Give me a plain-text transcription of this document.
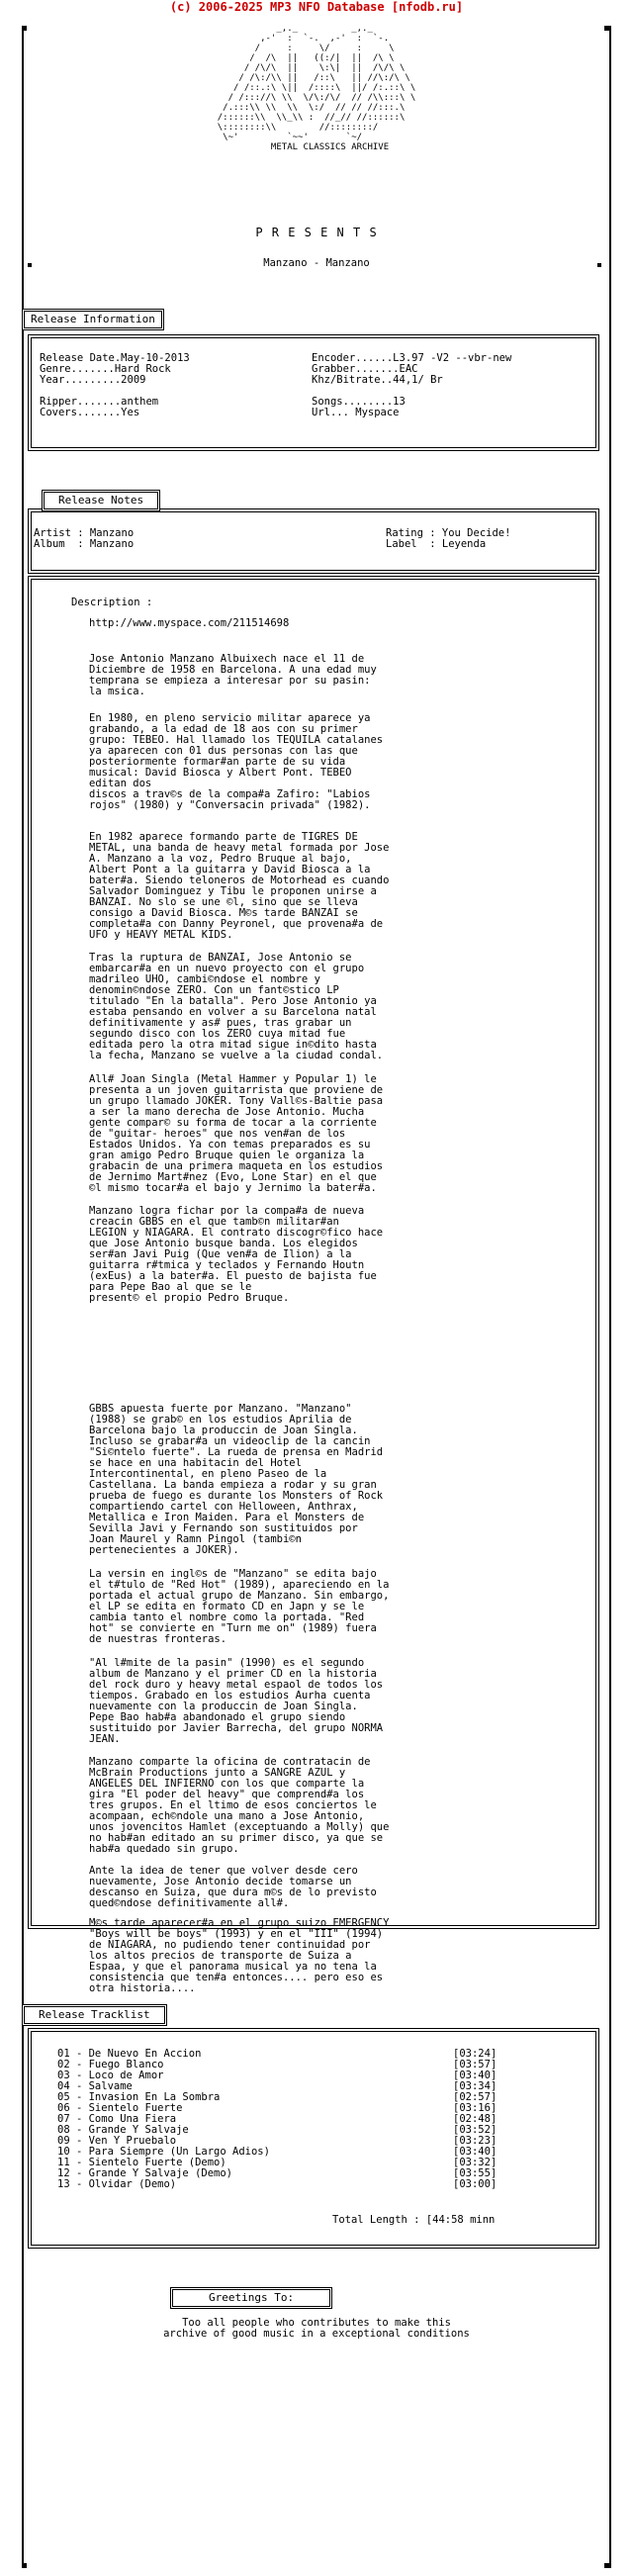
(c) 2006-2025 MP3 NFO Database [nfodb.ru]
_,._          _,._
,-'  :  `-.  ,-'  :  `-.
/     :     \/     :     \
/  /\  ||   ((:/|  ||  /\ \
/ /\/\  ||    \:\|  ||  /\/\ \
/ /\:/\\ ||   /::\   || //\:/\ \
/ /::.:\ \||  /::::\  ||/ /:.::\ \
/ /::://\ \\  \/\:/\/  // /\\:::\ \
/.:::\\ \\  \\  \:/  // // //:::.\
/::::::\\  \\_\\ :  //_// //::::::\
\::::::::\\        //::::::::/
\~'         `~~'       `~/
METAL CLASSICS ARCHIVE
P R E S E N T S
Manzano - Manzano
Release Information
Release Date.May-10-2013	Encoder......L3.97 -V2 --vbr-new
Genre.......Hard Rock	Grabber.......EAC
Year.........2009	Khz/Bitrate..44,1/ Br
Ripper.......anthem	Songs........13
Covers.......Yes	Url... Myspace
Release Notes
Artist : Manzano	Rating : You Decide!
Album  : Manzano	Label  : Leyenda
Description :
http://www.myspace.com/211514698
Jose Antonio Manzano Albuixech nace el 11 de
Diciembre de 1958 en Barcelona. A una edad muy
temprana se empieza a interesar por su pasin:
la msica.
En 1980, en pleno servicio militar aparece ya
grabando, a la edad de 18 aos con su primer
grupo: TEBEO. Hal llamado los TEQUILA catalanes
ya aparecen con 01 dus personas con las que
posteriormente formar#an parte de su vida
musical: David Biosca y Albert Pont. TEBEO
editan dos
discos a trav©s de la compa#a Zafiro: "Labios
rojos" (1980) y "Conversacin privada" (1982).
En 1982 aparece formando parte de TIGRES DE
METAL, una banda de heavy metal formada por Jose
A. Manzano a la voz, Pedro Bruque al bajo,
Albert Pont a la guitarra y David Biosca a la
bater#a. Siendo teloneros de Motorhead es cuando
Salvador Dominguez y Tibu le proponen unirse a
BANZAI. No slo se une ©l, sino que se lleva
consigo a David Biosca. M©s tarde BANZAI se
completa#a con Danny Peyronel, que provena#a de
UFO y HEAVY METAL KIDS.
Tras la ruptura de BANZAI, Jose Antonio se
embarcar#a en un nuevo proyecto con el grupo
madrileo UHO, cambi©ndose el nombre y
denomin©ndose ZERO. Con un fant©stico LP
titulado "En la batalla". Pero Jose Antonio ya
estaba pensando en volver a su Barcelona natal
definitivamente y as# pues, tras grabar un
segundo disco con los ZERO cuya mitad fue
editada pero la otra mitad sigue in©dito hasta
la fecha, Manzano se vuelve a la ciudad condal.
All# Joan Singla (Metal Hammer y Popular 1) le
presenta a un joven guitarrista que proviene de
un grupo llamado JOKER. Tony Vall©s-Baltie pasa
a ser la mano derecha de Jose Antonio. Mucha
gente compar© su forma de tocar a la corriente
de "guitar- heroes" que nos ven#an de los
Estados Unidos. Ya con temas preparados es su
gran amigo Pedro Bruque quien le organiza la
grabacin de una primera maqueta en los estudios
de Jernimo Mart#nez (Evo, Lone Star) en el que
©l mismo tocar#a el bajo y Jernimo la bater#a.
Manzano logra fichar por la compa#a de nueva
creacin GBBS en el que tamb©n militar#an
LEGION y NIAGARA. El contrato discogr©fico hace
que Jose Antonio busque banda. Los elegidos
ser#an Javi Puig (Que ven#a de Ilion) a la
guitarra r#tmica y teclados y Fernando Houtn
(exEus) a la bater#a. El puesto de bajista fue
para Pepe Bao al que se le
present© el propio Pedro Bruque.
GBBS apuesta fuerte por Manzano. "Manzano"
(1988) se grab© en los estudios Aprilia de
Barcelona bajo la produccin de Joan Singla.
Incluso se grabar#a un videoclip de la cancin
"Si©ntelo fuerte". La rueda de prensa en Madrid
se hace en una habitacin del Hotel
Intercontinental, en pleno Paseo de la
Castellana. La banda empieza a rodar y su gran
prueba de fuego es durante los Monsters of Rock
compartiendo cartel con Helloween, Anthrax,
Metallica e Iron Maiden. Para el Monsters de
Sevilla Javi y Fernando son sustituidos por
Joan Maurel y Ramn Pingol (tambi©n
pertenecientes a JOKER).
La versin en ingl©s de "Manzano" se edita bajo
el t#tulo de "Red Hot" (1989), apareciendo en la
portada el actual grupo de Manzano. Sin embargo,
el LP se edita en formato CD en Japn y se le
cambia tanto el nombre como la portada. "Red
hot" se convierte en "Turn me on" (1989) fuera
de nuestras fronteras.
"Al l#mite de la pasin" (1990) es el segundo
album de Manzano y el primer CD en la historia
del rock duro y heavy metal espaol de todos los
tiempos. Grabado en los estudios Aurha cuenta
nuevamente con la produccin de Joan Singla.
Pepe Bao hab#a abandonado el grupo siendo
sustituido por Javier Barrecha, del grupo NORMA
JEAN.
Manzano comparte la oficina de contratacin de
McBrain Productions junto a SANGRE AZUL y
ANGELES DEL INFIERNO con los que comparte la
gira "El poder del heavy" que comprend#a los
tres grupos. En el ltimo de esos conciertos le
acompaan, ech©ndole una mano a Jose Antonio,
unos jovencitos Hamlet (exceptuando a Molly) que
no hab#an editado an su primer disco, ya que se
hab#a quedado sin grupo.
Ante la idea de tener que volver desde cero
nuevamente, Jose Antonio decide tomarse un
descanso en Suiza, que dura m©s de lo previsto
qued©ndose definitivamente all#.
M©s tarde aparecer#a en el grupo suizo EMERGENCY
"Boys will be boys" (1993) y en el "III" (1994)
de NIAGARA, no pudiendo tener continuidad por
los altos precios de transporte de Suiza a
Espaa, y que el panorama musical ya no tena la
consistencia que ten#a entonces.... pero eso es
otra historia....
Release Tracklist
01 - De Nuevo En Accion	[03:24]
02 - Fuego Blanco	[03:57]
03 - Loco de Amor	[03:40]
04 - Salvame	[03:34]
05 - Invasion En La Sombra	[02:57]
06 - Sientelo Fuerte	[03:16]
07 - Como Una Fiera	[02:48]
08 - Grande Y Salvaje	[03:52]
09 - Ven Y Pruebalo	[03:23]
10 - Para Siempre (Un Largo Adios)	[03:40]
11 - Sientelo Fuerte (Demo)	[03:32]
12 - Grande Y Salvaje (Demo)	[03:55]
13 - Olvidar (Demo)	[03:00]
Total Length : [44:58 minn
Greetings To:
Too all people who contributes to make this
archive of good music in a exceptional conditions
